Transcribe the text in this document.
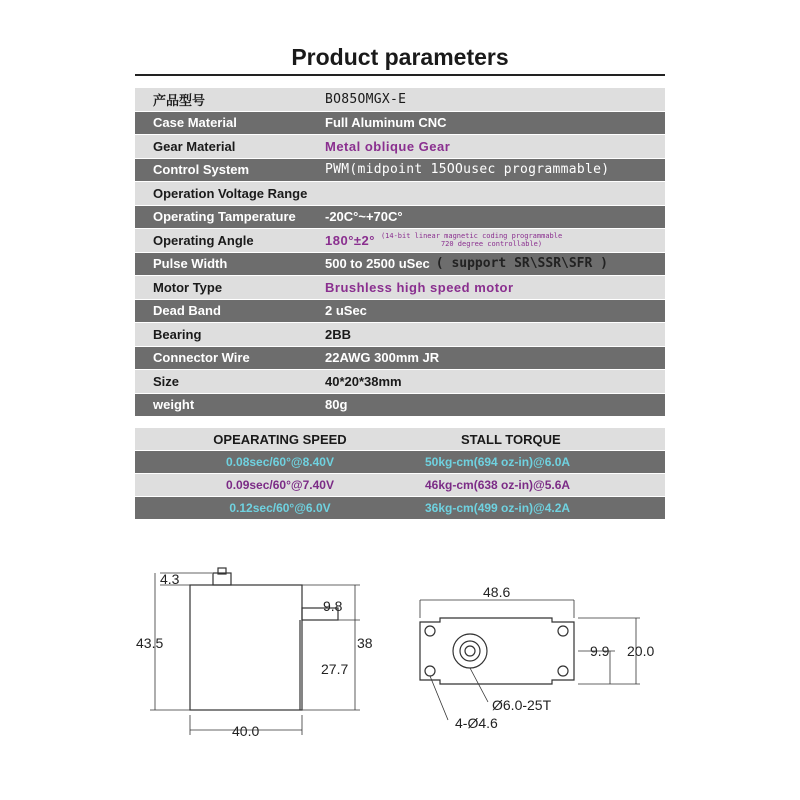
Product parameters
产品型号	BO85OMGX-E
Case Material	Full Aluminum CNC
Gear Material	Metal oblique Gear
Control System	PWM(midpoint 15OOusec programmable)
Operation Voltage Range
Operating Tamperature	-20C°~+70C°
Operating Angle	180°±2° (14-bit linear magnetic coding programmable
720 degree controllable)
Pulse Width	500 to 2500 uSec ( support SR\SSR\SFR )
Motor Type	Brushless high speed motor
Dead Band	2 uSec
Bearing	2BB
Connector Wire	22AWG 300mm JR
Size	40*20*38mm
weight	80g
OPEARATING SPEED	STALL TORQUE
0.08sec/60°@8.40V	50kg-cm(694 oz-in)@6.0A
0.09sec/60°@7.40V	46kg-cm(638 oz-in)@5.6A
0.12sec/60°@6.0V	36kg-cm(499 oz-in)@4.2A
4.3
43.5
9.8
38
27.7
40.0
48.6
9.9 20.0
Ø6.0-25T
4-Ø4.6
